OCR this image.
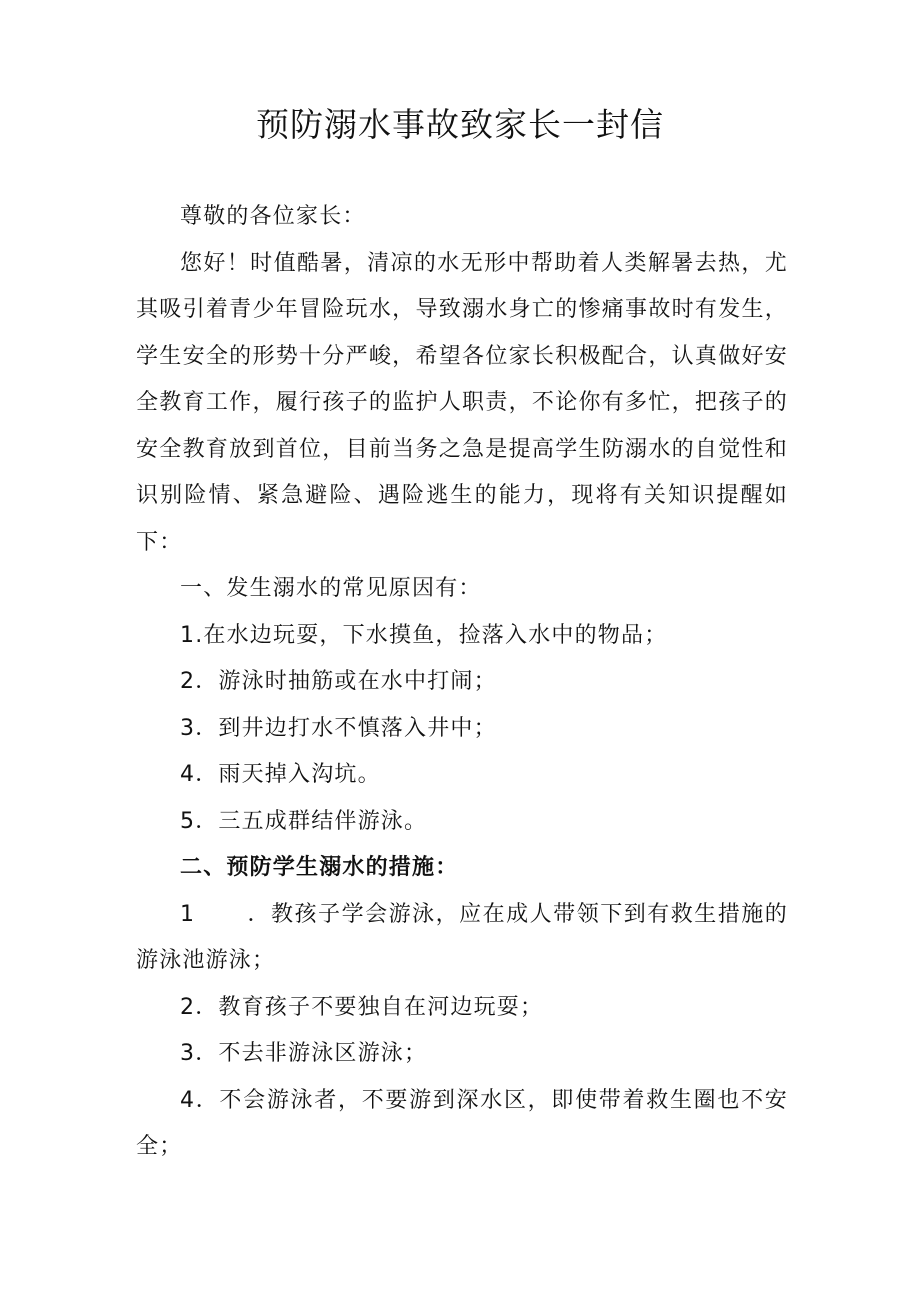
预防溺水事故致家长一封信

尊敬的各位家长：

您好！时值酷暑，清凉的水无形中帮助着人类解暑去热，尤其吸引着青少年冒险玩水，导致溺水身亡的惨痛事故时有发生，学生安全的形势十分严峻，希望各位家长积极配合，认真做好安全教育工作，履行孩子的监护人职责，不论你有多忙，把孩子的安全教育放到首位，目前当务之急是提高学生防溺水的自觉性和识别险情、紧急避险、遇险逃生的能力，现将有关知识提醒如下：

一、发生溺水的常见原因有：

1.在水边玩耍，下水摸鱼，捡落入水中的物品；

2．游泳时抽筋或在水中打闹；

3．到井边打水不慎落入井中；

4．雨天掉入沟坑。

5．三五成群结伴游泳。

二、预防学生溺水的措施：

1 ．教孩子学会游泳，应在成人带领下到有救生措施的游泳池游泳；

2．教育孩子不要独自在河边玩耍；

3．不去非游泳区游泳；

4．不会游泳者，不要游到深水区，即使带着救生圈也不安全；
